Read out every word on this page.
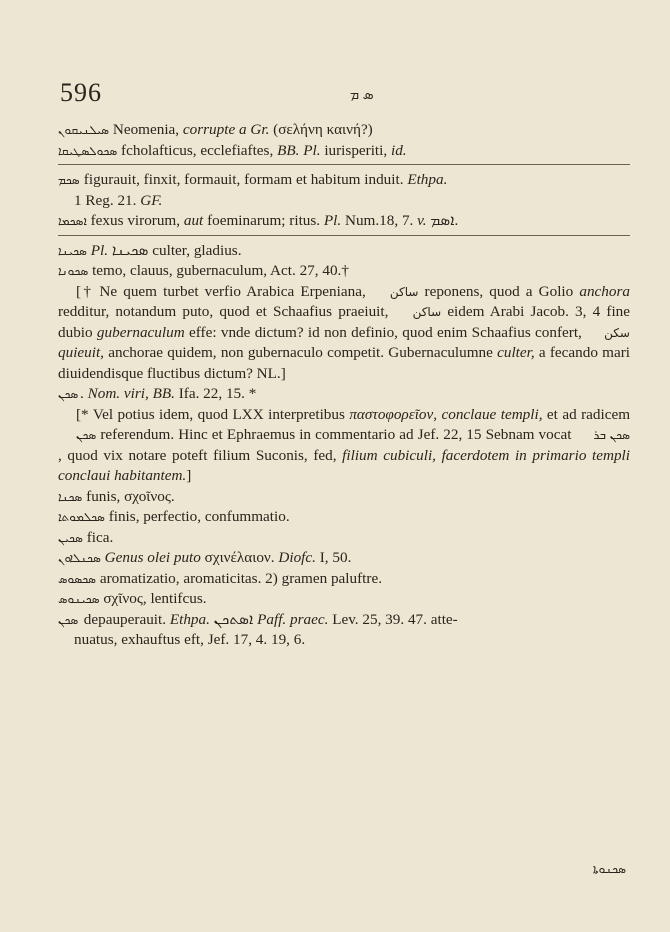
596	ܣ ܡ

ܣܝܠܢܝܩܘܢ Neomenia, corrupte a Gr. (σελήνη καινή?)

ܣܟܘܠܣܛܝܩܐ fcholafticus, ecclefiaftes, BB. Pl. iurisperiti, id.

ܣܟܡ figurauit, finxit, formauit, formam et habitum induit. Ethpa.

1 Reg. 21. GF.

ܐܣܟܡܐ fexus virorum, aut foeminarum; ritus. Pl. Num.18, 7. v. ܐܣܡ.

ܣܟܝܢܐ Pl. ܣܟܝܢܐ culter, gladius.

ܣܟܘܢܐ temo, clauus, gubernaculum, Act. 27, 40.†

[† Ne quem turbet verfio Arabica Erpeniana, ساكن reponens, quod a Golio anchora redditur, notandum puto, quod et Schaafius praeiuit, ساكن eidem Arabi Jacob. 3, 4 fine dubio gubernaculum effe: vnde dictum? id non definio, quod enim Schaafius confert, سكن quieuit, anchorae quidem, non gubernaculo competit. Gubernaculumne culter, a fecando mari diuidendisque fluctibus dictum? NL.]

ܣܟܢ . Nom. viri, BB. Ifa. 22, 15. *

[* Vel potius idem, quod LXX interpretibus παστοφορεῖον, conclaue templi, et ad radicem ܣܟܢ referendum. Hinc et Ephraemus in commentario ad Jef. 22, 15 Sebnam vocat ܣܟܢ ܒܪ, quod vix notare poteft filium Suconis, fed, filium cubiculi, facerdotem in primario templi conclaui habitantem.]

ܣܟܢܐ funis, σχοῖνος.

ܣܟܠܡܘܬܐ finis, perfectio, confummatio.

ܣܟܝܢ fica.

ܣܟܢܠܐܘܢ Genus olei puto σχινέλαιον. Diofc. I, 50.

ܣܟܣܘܣ aromatizatio, aromaticitas. 2) gramen paluftre.

ܣܟܝܢܘܣ σχῖνος, lentifcus.

ܣܟܢ depauperauit. Ethpa. ܐܣܬܟܢ Paff. praec. Lev. 25, 39. 47. atte-

nuatus, exhauftus eft, Jef. 17, 4. 19, 6.

ܣܟܢܘܬܐ
